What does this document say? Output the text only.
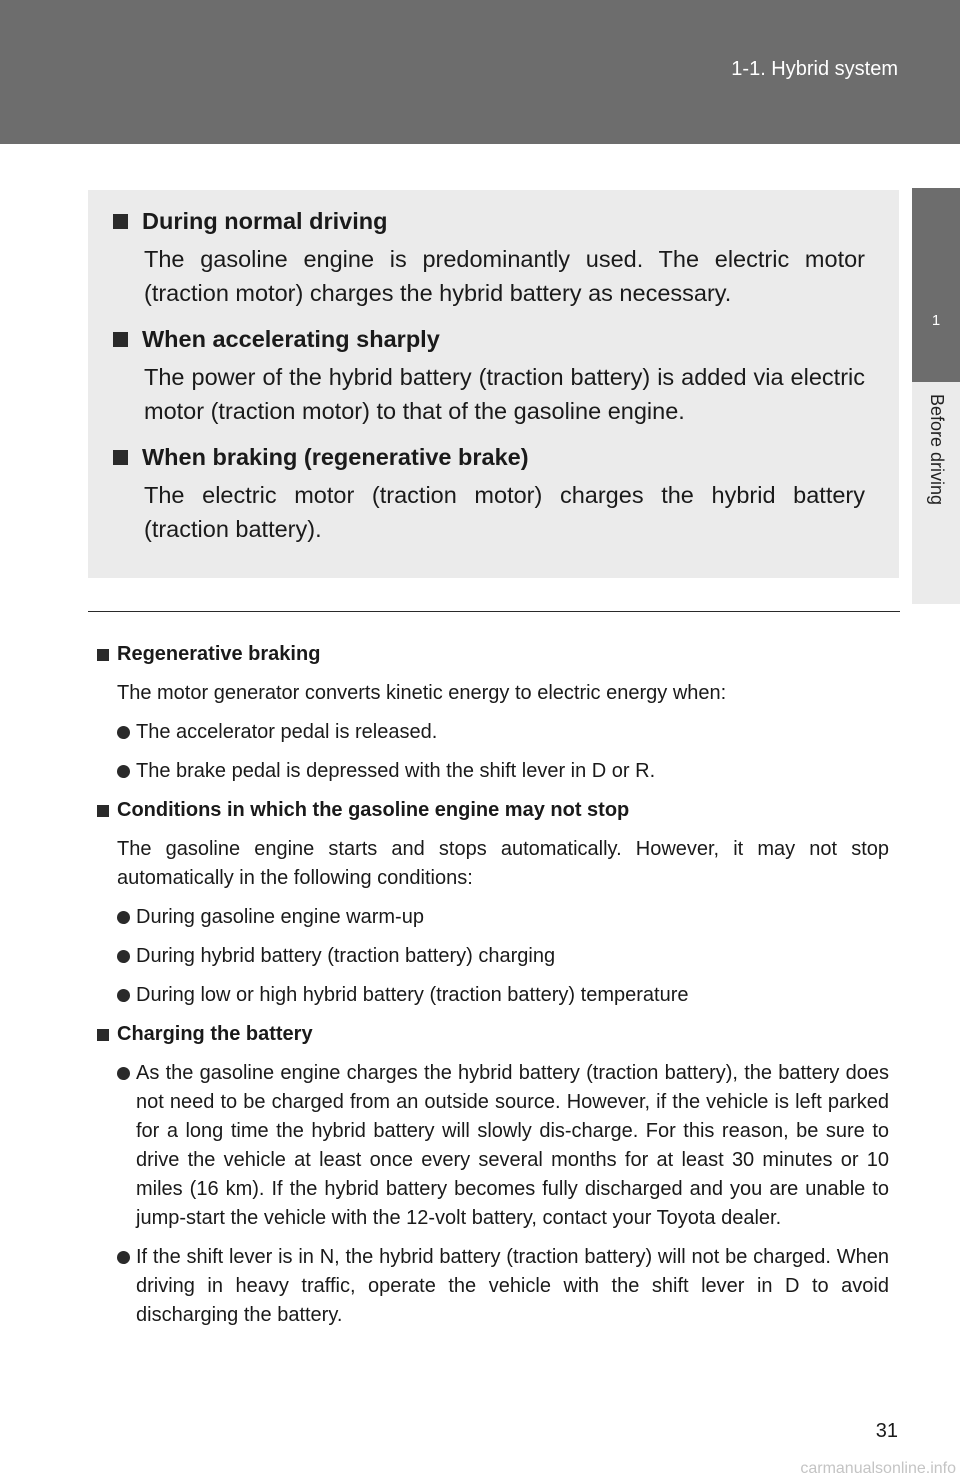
1-1. Hybrid system
1
Before driving
During normal driving
The gasoline engine is predominantly used. The electric motor (traction motor) charges the hybrid battery as necessary.
When accelerating sharply
The power of the hybrid battery (traction battery) is added via electric motor (traction motor) to that of the gasoline engine.
When braking (regenerative brake)
The electric motor (traction motor) charges the hybrid battery (traction battery).
Regenerative braking
The motor generator converts kinetic energy to electric energy when:
The accelerator pedal is released.
The brake pedal is depressed with the shift lever in D or R.
Conditions in which the gasoline engine may not stop
The gasoline engine starts and stops automatically. However, it may not stop automatically in the following conditions:
During gasoline engine warm-up
During hybrid battery (traction battery) charging
During low or high hybrid battery (traction battery) temperature
Charging the battery
As the gasoline engine charges the hybrid battery (traction battery), the battery does not need to be charged from an outside source. However, if the vehicle is left parked for a long time the hybrid battery will slowly dis-charge. For this reason, be sure to drive the vehicle at least once every several months for at least 30 minutes or 10 miles (16 km). If the hybrid battery becomes fully discharged and you are unable to jump-start the vehicle with the 12-volt battery, contact your Toyota dealer.
If the shift lever is in N, the hybrid battery (traction battery) will not be charged. When driving in heavy traffic, operate the vehicle with the shift lever in D to avoid discharging the battery.
31
carmanualsonline.info
